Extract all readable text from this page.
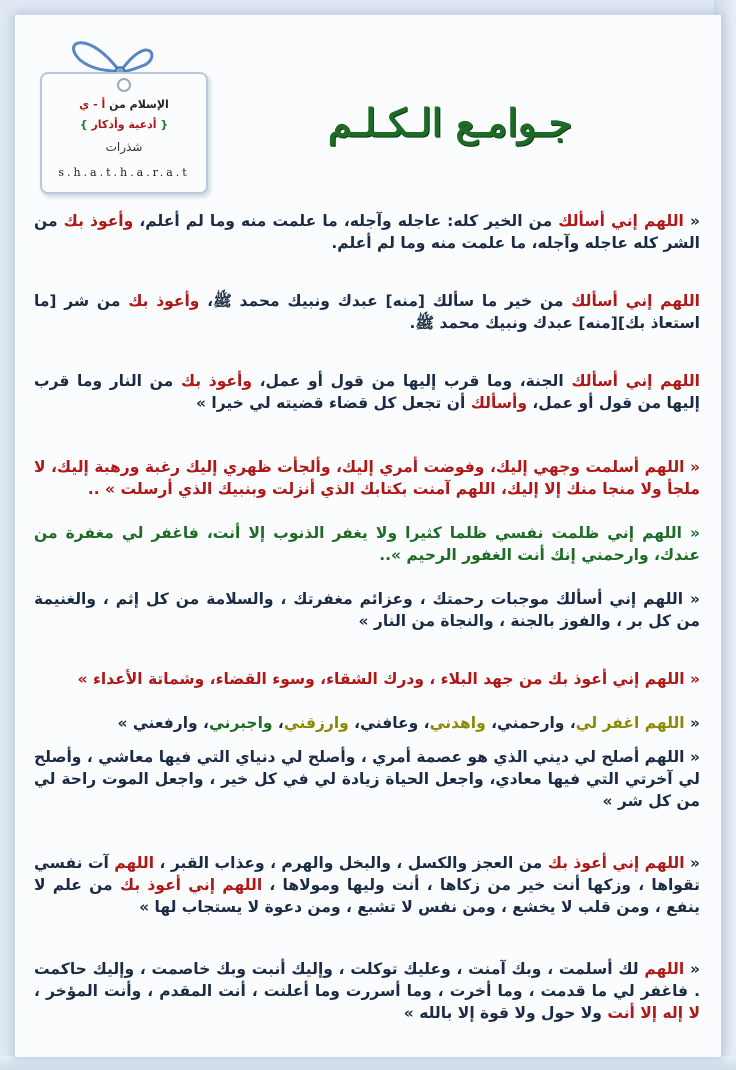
الإسلام من أ - ي
{ أدعية وأذكار }
شذرات
s.h.a.t.h.a.r.a.t
جـوامـع الـكـلـم
« اللهم إني أسألك من الخير كله: عاجله وآجله، ما علمت منه وما لم أعلم، وأعوذ بك من الشر كله عاجله وآجله، ما علمت منه وما لم أعلم.
اللهم إني أسألك من خير ما سألك [منه] عبدك ونبيك محمد ﷺ، وأعوذ بك من شر [ما استعاذ بك][منه] عبدك ونبيك محمد ﷺ.
اللهم إني أسألك الجنة، وما قرب إليها من قول أو عمل، وأعوذ بك من النار وما قرب إليها من قول أو عمل، وأسألك أن تجعل كل قضاء قضيته لي خيرا »
« اللهم أسلمت وجهي إليك، وفوضت أمري إليك، وألجأت ظهري إليك رغبة ورهبة إليك، لا ملجأ ولا منجا منك إلا إليك، اللهم آمنت بكتابك الذي أنزلت وبنبيك الذي أرسلت » ..
« اللهم إني ظلمت نفسي ظلما كثيرا ولا يغفر الذنوب إلا أنت، فاغفر لي مغفرة من عندك، وارحمني إنك أنت الغفور الرحيم »..
« اللهم إني أسألك موجبات رحمتك ، وعزائم مغفرتك ، والسلامة من كل إثم ، والغنيمة من كل بر ، والفوز بالجنة ، والنجاة من النار »
« اللهم إني أعوذ بك من جهد البلاء ، ودرك الشقاء، وسوء القضاء، وشماتة الأعداء »
« اللهم اغفر لي، وارحمني، واهدني، وعافني، وارزقني، واجبرني، وارفعني »
« اللهم أصلح لي ديني الذي هو عصمة أمري ، وأصلح لي دنياي التي فيها معاشي ، وأصلح لي آخرتي التي فيها معادي، واجعل الحياة زيادة لي في كل خير ، واجعل الموت راحة لي من كل شر »
« اللهم إني أعوذ بك من العجز والكسل ، والبخل والهرم ، وعذاب القبر ، اللهم آت نفسي تقواها ، وزكها أنت خير من زكاها ، أنت وليها ومولاها ، اللهم إني أعوذ بك من علم لا ينفع ، ومن قلب لا يخشع ، ومن نفس لا تشبع ، ومن دعوة لا يستجاب لها »
« اللهم لك أسلمت ، وبك آمنت ، وعليك توكلت ، وإليك أنبت وبك خاصمت ، وإليك حاكمت . فاغفر لي ما قدمت ، وما أخرت ، وما أسررت وما أعلنت ، أنت المقدم ، وأنت المؤخر ، لا إله إلا أنت ولا حول ولا قوة إلا بالله »
